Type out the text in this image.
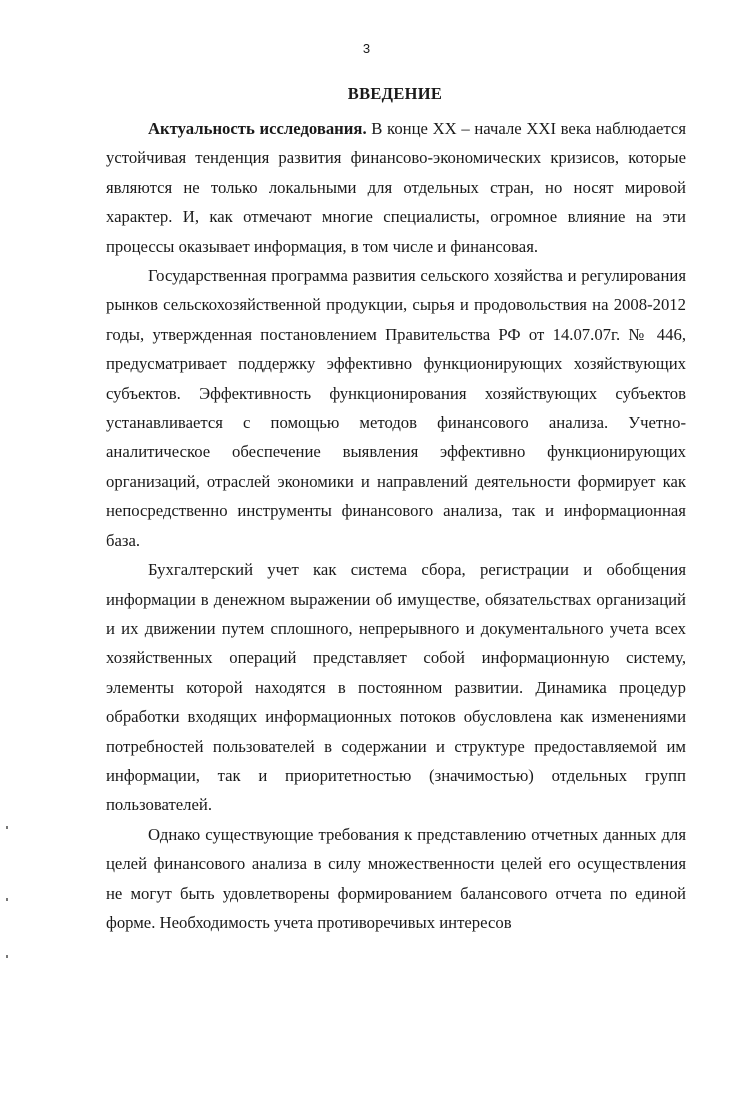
3
ВВЕДЕНИЕ

Актуальность исследования. В конце XX – начале XXI века наблюдается устойчивая тенденция развития финансово-экономических кризисов, которые являются не только локальными для отдельных стран, но носят мировой характер. И, как отмечают многие специалисты, огромное влияние на эти процессы оказывает информация, в том числе и финансовая.

Государственная программа развития сельского хозяйства и регулирования рынков сельскохозяйственной продукции, сырья и продовольствия на 2008-2012 годы, утвержденная постановлением Правительства РФ от 14.07.07г. № 446, предусматривает поддержку эффективно функционирующих хозяйствующих субъектов. Эффективность функционирования хозяйствующих субъектов устанавливается с помощью методов финансового анализа. Учетно-аналитическое обеспечение выявления эффективно функционирующих организаций, отраслей экономики и направлений деятельности формирует как непосредственно инструменты финансового анализа, так и информационная база.

Бухгалтерский учет как система сбора, регистрации и обобщения информации в денежном выражении об имуществе, обязательствах организаций и их движении путем сплошного, непрерывного и документального учета всех хозяйственных операций представляет собой информационную систему, элементы которой находятся в постоянном развитии. Динамика процедур обработки входящих информационных потоков обусловлена как изменениями потребностей пользователей в содержании и структуре предоставляемой им информации, так и приоритетностью (значимостью) отдельных групп пользователей.

Однако существующие требования к представлению отчетных данных для целей финансового анализа в силу множественности целей его осуществления не могут быть удовлетворены формированием балансового отчета по единой форме. Необходимость учета противоречивых интересов
